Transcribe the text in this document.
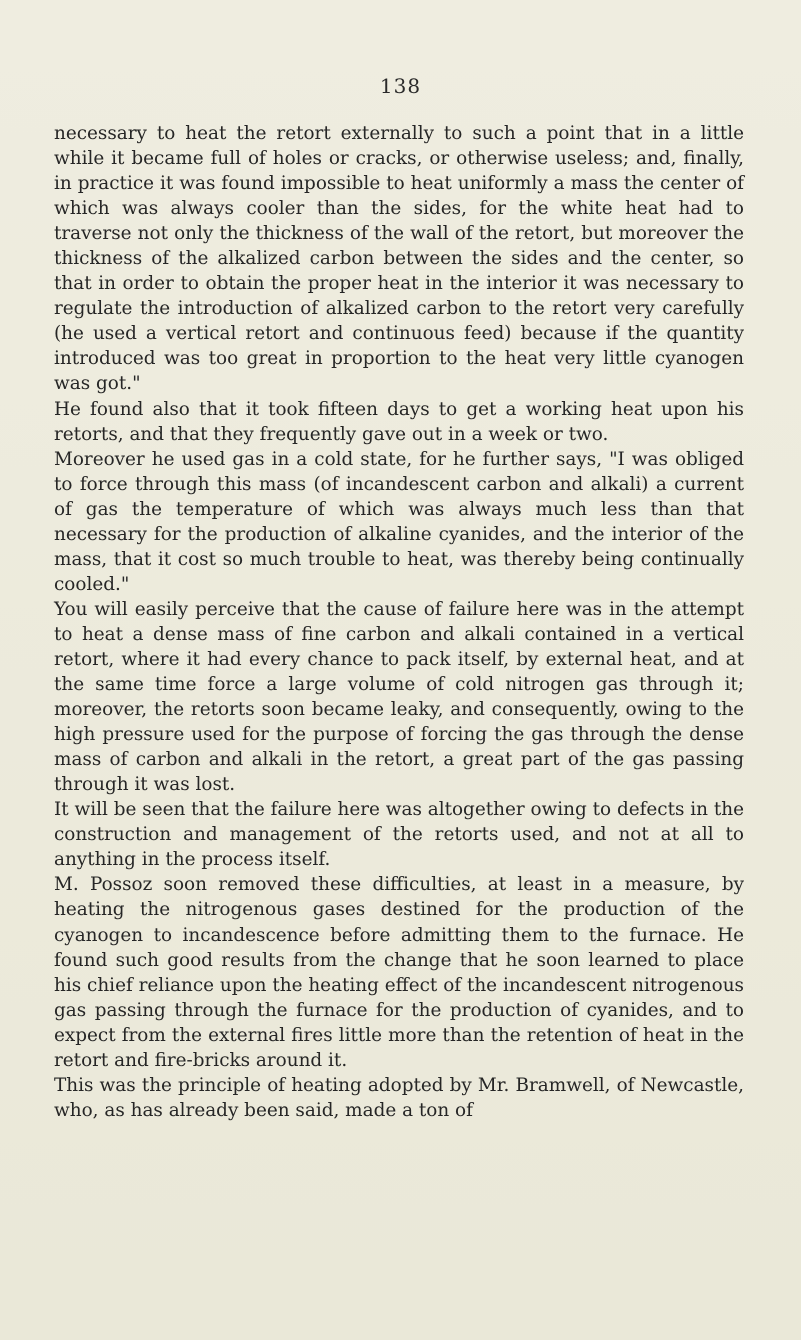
138

necessary to heat the retort externally to such a point that in a little while it became full of holes or cracks, or otherwise useless; and, finally, in practice it was found impossible to heat uniformly a mass the center of which was always cooler than the sides, for the white heat had to traverse not only the thickness of the wall of the retort, but moreover the thickness of the alkalized carbon between the sides and the center, so that in order to obtain the proper heat in the interior it was necessary to regulate the introduction of alkalized carbon to the retort very carefully (he used a vertical retort and continuous feed) because if the quantity introduced was too great in proportion to the heat very little cyanogen was got."

He found also that it took fifteen days to get a working heat upon his retorts, and that they frequently gave out in a week or two.

Moreover he used gas in a cold state, for he further says, "I was obliged to force through this mass (of incandescent carbon and alkali) a current of gas the temperature of which was always much less than that necessary for the production of alkaline cyanides, and the interior of the mass, that it cost so much trouble to heat, was thereby being continually cooled."

You will easily perceive that the cause of failure here was in the attempt to heat a dense mass of fine carbon and alkali contained in a vertical retort, where it had every chance to pack itself, by external heat, and at the same time force a large volume of cold nitrogen gas through it; moreover, the retorts soon became leaky, and consequently, owing to the high pressure used for the purpose of forcing the gas through the dense mass of carbon and alkali in the retort, a great part of the gas passing through it was lost.

It will be seen that the failure here was altogether owing to defects in the construction and management of the retorts used, and not at all to anything in the process itself.

M. Possoz soon removed these difficulties, at least in a measure, by heating the nitrogenous gases destined for the production of the cyanogen to incandescence before admitting them to the furnace. He found such good results from the change that he soon learned to place his chief reliance upon the heating effect of the incandescent nitrogenous gas passing through the furnace for the production of cyanides, and to expect from the external fires little more than the retention of heat in the retort and fire-bricks around it.

This was the principle of heating adopted by Mr. Bramwell, of Newcastle, who, as has already been said, made a ton of
